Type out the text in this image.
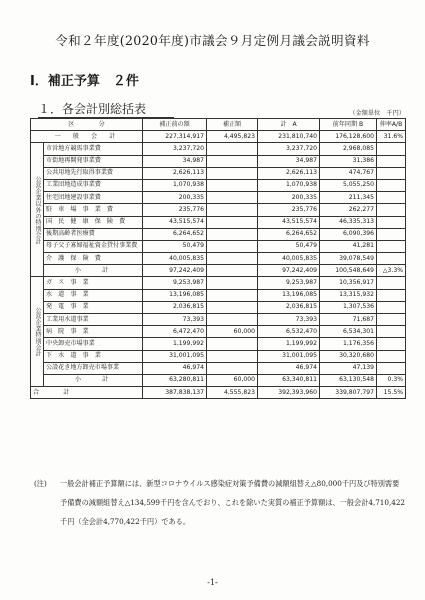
令和２年度(2020年度)市議会９月定例月議会説明資料
Ⅰ．補正予算　２件
１．各会計別総括表	（金額単位　千円）
区　　　　分		補正前の額	補正額	計　A	前年同期 B	伸率A/B
一　般　会　計		227,314,917	4,495,823	231,810,740	176,128,600	31.6%
公営企業以外の特別会計	市営地方競馬事業費	3,237,720		3,237,720	2,968,085	
	市街地再開発事業費	34,987		34,987	31,386	
	公共用地先行取得事業費	2,626,113		2,626,113	474,767	
	工業団地造成事業費	1,070,938		1,070,938	5,055,250	
	住宅団地建設事業費	200,335		200,335	211,345	
	駐　車　場　事　業　費	235,776		235,776	262,277	
	国　民　健　康　保　険　費	43,515,574		43,515,574	46,335,313	
	後期高齢者医療費	6,264,652		6,264,652	6,090,396	
	母子父子寡婦福祉資金貸付事業費	50,479		50,479	41,281	
	介　護　保　険　費	40,005,835		40,005,835	39,078,549	
	小　　計	97,242,409		97,242,409	100,548,649	△3.3%
公営企業特別会計	ガ　ス　事　業	9,253,987		9,253,987	10,356,917	
	水　道　事　業	13,196,085		13,196,085	13,315,932	
	発　電　事　業	2,036,815		2,036,815	1,307,536	
	工業用水道事業	73,393		73,393	71,687	
	病　院　事　業	6,472,470	60,000	6,532,470	6,534,301	
	中央卸売市場事業	1,199,992		1,199,992	1,176,356	
	下　水　道　事　業	31,001,095		31,001,095	30,320,680	
	公設花き地方卸売市場事業	46,974		46,974	47,139	
	小　　計	63,280,811	60,000	63,340,811	63,130,548	0.3%
合　　計		387,838,137	4,555,823	392,393,960	339,807,797	15.5%
(注)	一般会計補正予算額には、新型コロナウイルス感染症対策予備費の減額組替え△80,000千円及び特別需要予備費の減額組替え△134,599千円を含んでおり、これを除いた実質の補正予算額は、一般会計4,710,422千円（全会計4,770,422千円）である。
-1-
